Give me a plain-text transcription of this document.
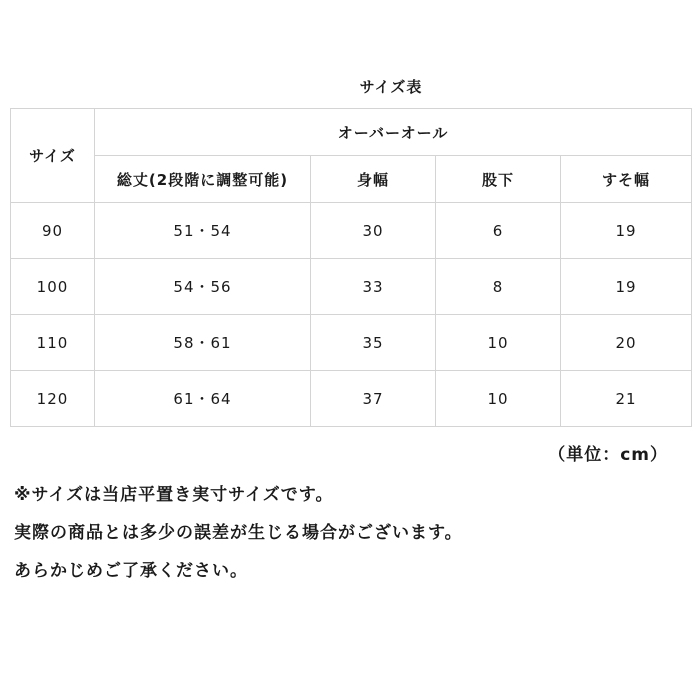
サイズ表
サイズ	オーバーオール			
	総丈(2段階に調整可能)	身幅	股下	すそ幅
90	51・54	30	6	19
100	54・56	33	8	19
110	58・61	35	10	20
120	61・64	37	10	21
（単位：cm）
※サイズは当店平置き実寸サイズです。
実際の商品とは多少の誤差が生じる場合がございます。
あらかじめご了承ください。
